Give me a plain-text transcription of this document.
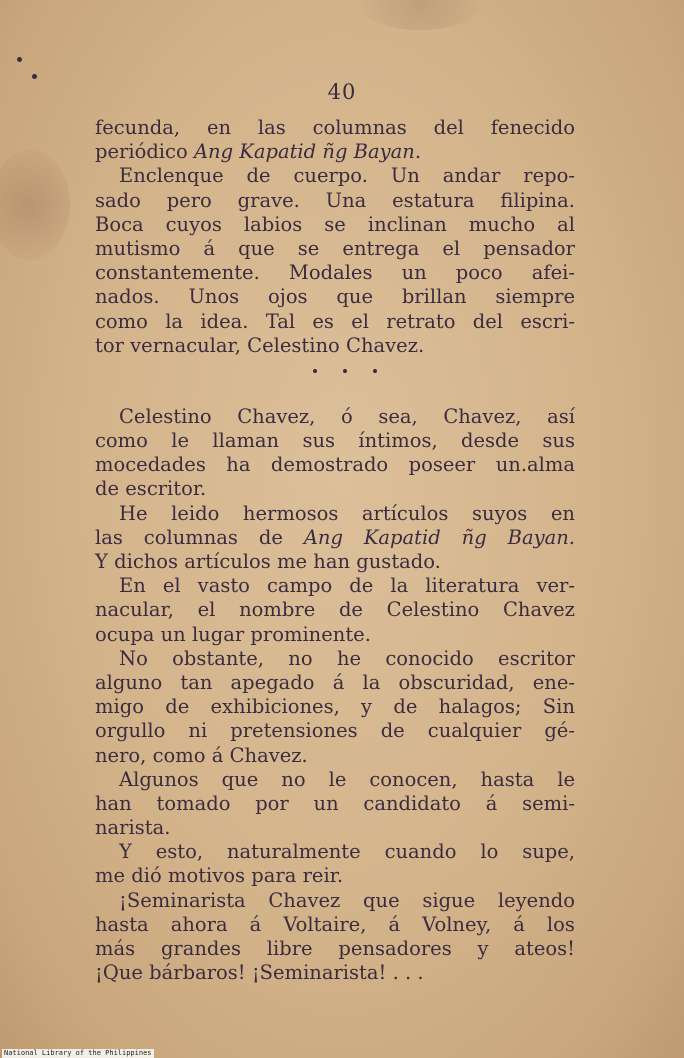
40
fecunda, en las columnas del fenecido
periódico Ang Kapatid ñg Bayan.
Enclenque de cuerpo. Un andar repo-
sado pero grave. Una estatura filipina.
Boca cuyos labios se inclinan mucho al
mutismo á que se entrega el pensador
constantemente. Modales un poco afei-
nados. Unos ojos que brillan siempre
como la idea. Tal es el retrato del escri-
tor vernacular, Celestino Chavez.
Celestino Chavez, ó sea, Chavez, así
como le llaman sus íntimos, desde sus
mocedades ha demostrado poseer un.alma
de escritor.
He leido hermosos artículos suyos en
las columnas de Ang Kapatid ñg Bayan.
Y dichos artículos me han gustado.
En el vasto campo de la literatura ver-
nacular, el nombre de Celestino Chavez
ocupa un lugar prominente.
No obstante, no he conocido escritor
alguno tan apegado á la obscuridad, ene-
migo de exhibiciones, y de halagos; Sin
orgullo ni pretensiones de cualquier gé-
nero, como á Chavez.
Algunos que no le conocen, hasta le
han tomado por un candidato á semi-
narista.
Y esto, naturalmente cuando lo supe,
me dió motivos para reir.
¡Seminarista Chavez que sigue leyendo
hasta ahora á Voltaire, á Volney, á los
más grandes libre pensadores y ateos!
¡Que bárbaros! ¡Seminarista! . . .
National Library of the Philippines
